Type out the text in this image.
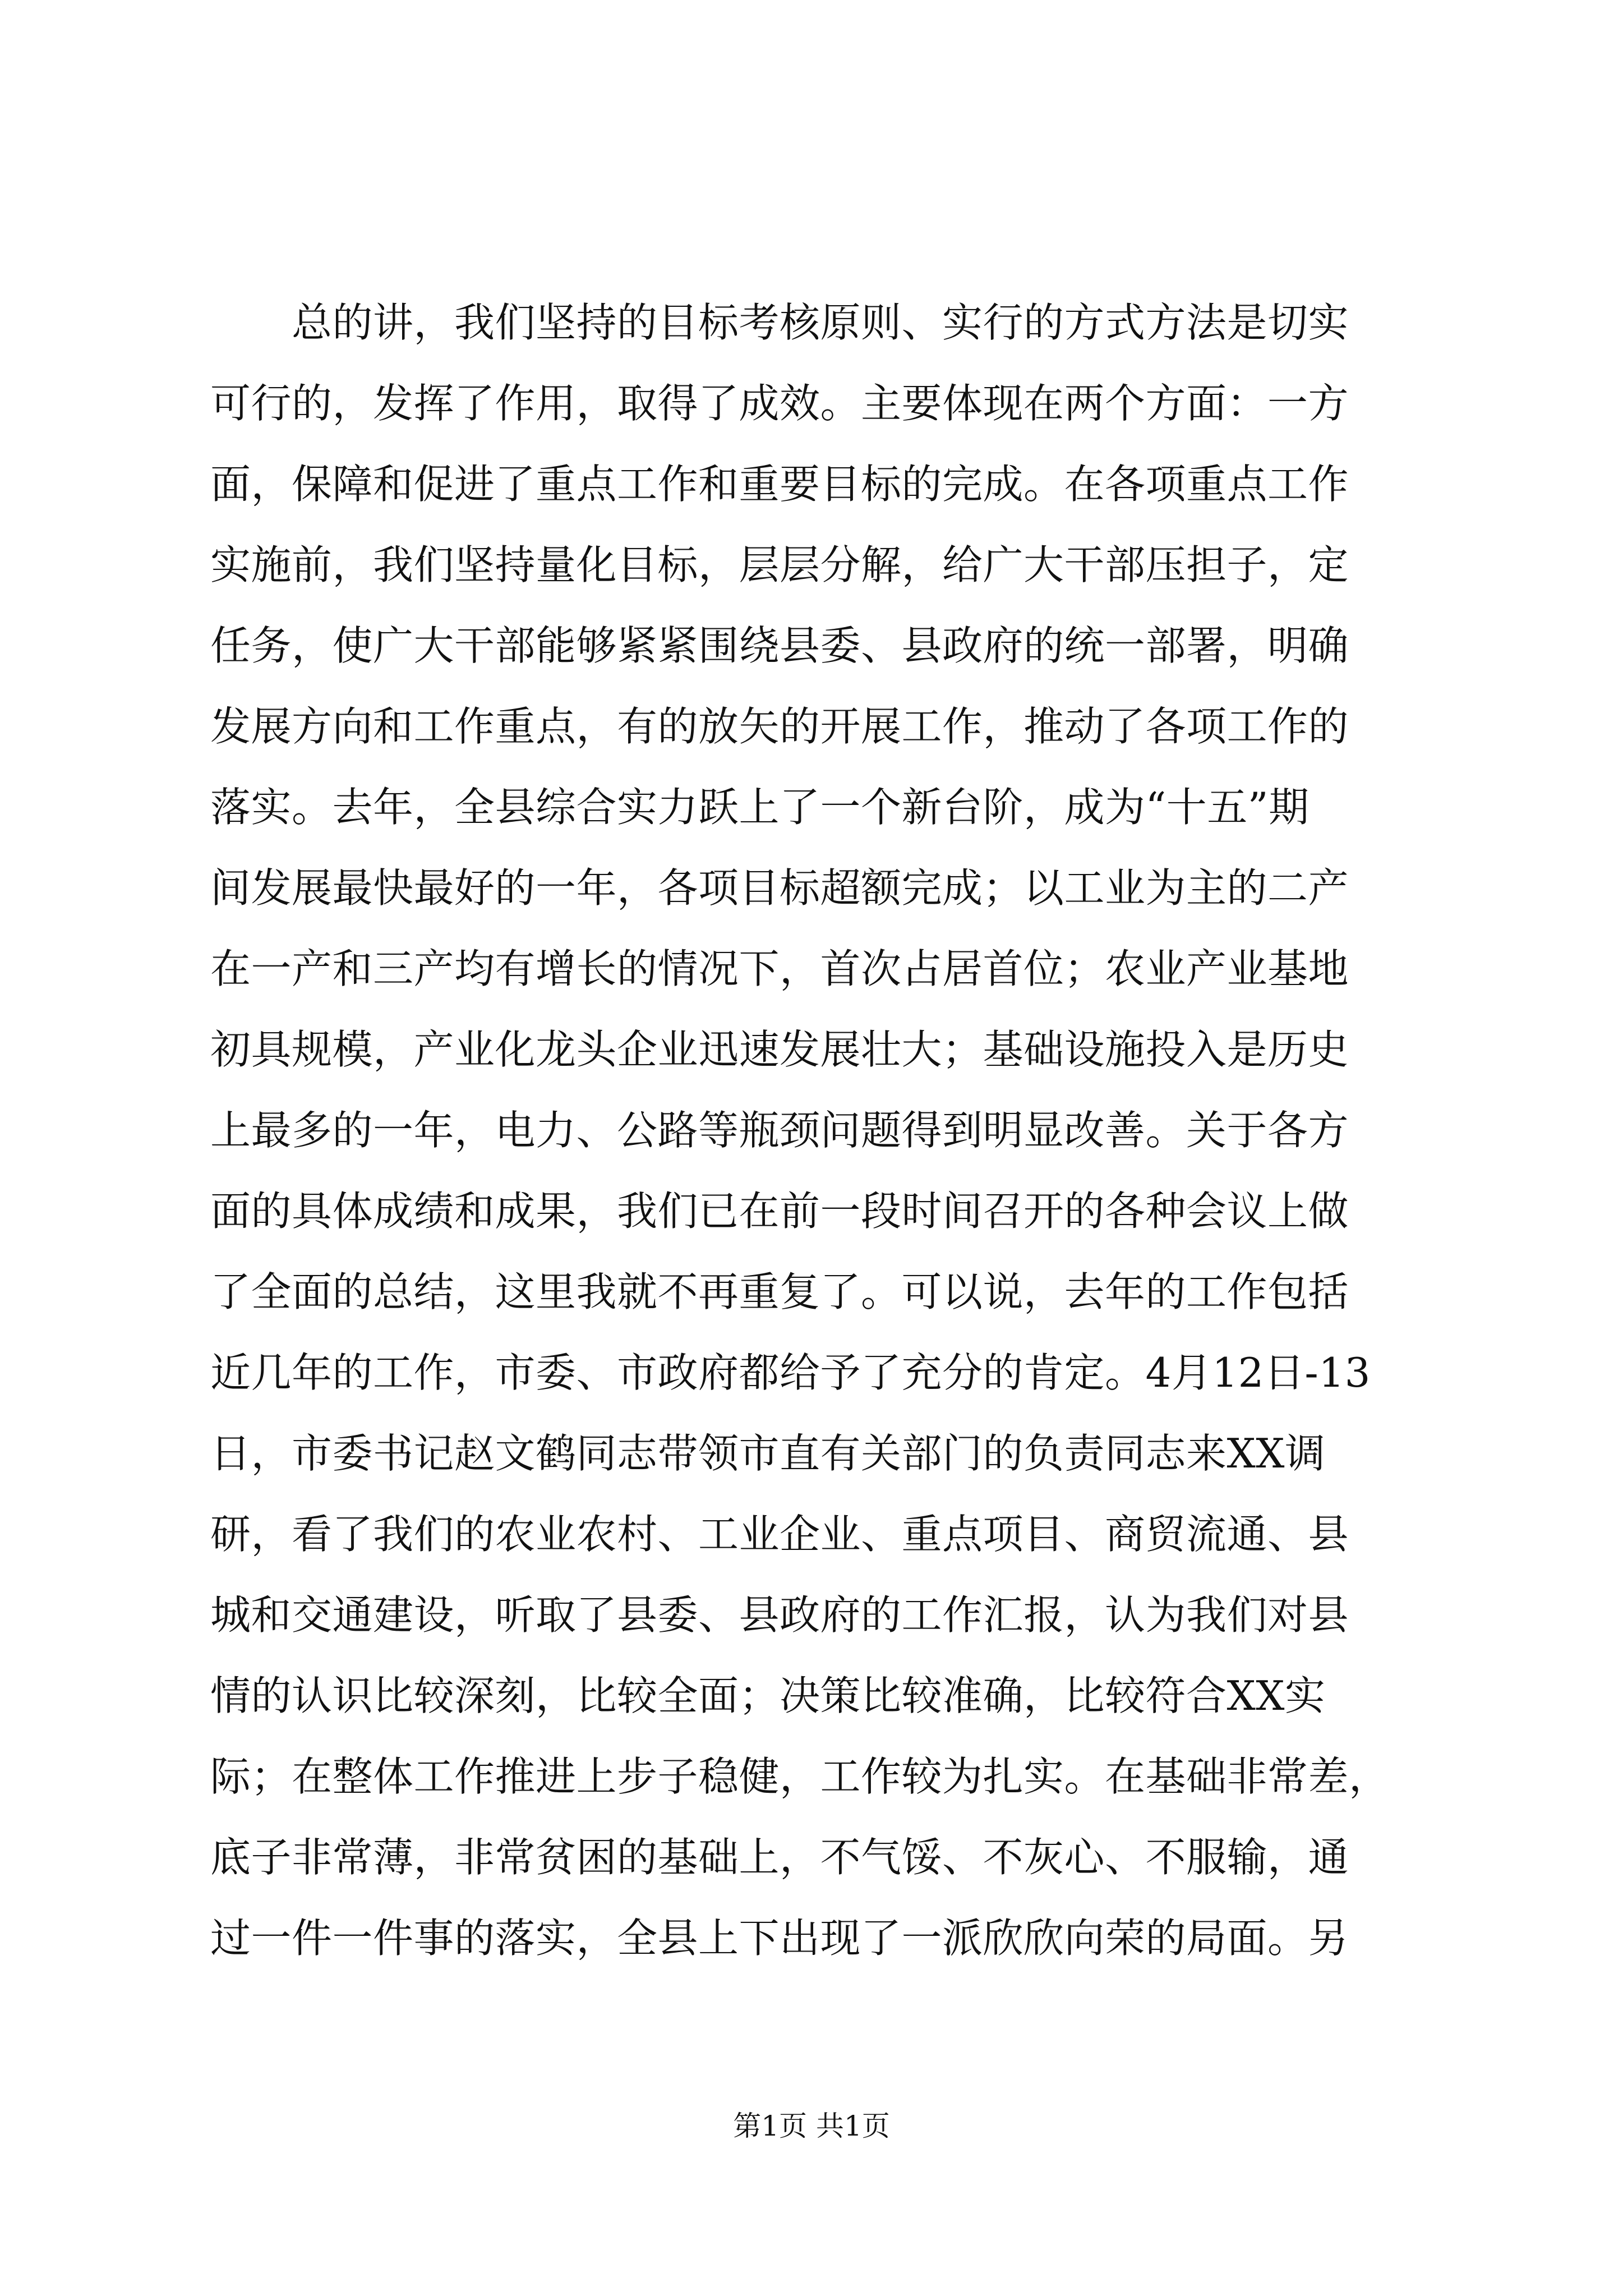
　　总的讲，我们坚持的目标考核原则、实行的方式方法是切实
可行的，发挥了作用，取得了成效。主要体现在两个方面：一方
面，保障和促进了重点工作和重要目标的完成。在各项重点工作
实施前，我们坚持量化目标，层层分解，给广大干部压担子，定
任务，使广大干部能够紧紧围绕县委、县政府的统一部署，明确
发展方向和工作重点，有的放矢的开展工作，推动了各项工作的
落实。去年，全县综合实力跃上了一个新台阶，成为“十五”期
间发展最快最好的一年，各项目标超额完成；以工业为主的二产
在一产和三产均有增长的情况下，首次占居首位；农业产业基地
初具规模，产业化龙头企业迅速发展壮大；基础设施投入是历史
上最多的一年，电力、公路等瓶颈问题得到明显改善。关于各方
面的具体成绩和成果，我们已在前一段时间召开的各种会议上做
了全面的总结，这里我就不再重复了。可以说，去年的工作包括
近几年的工作，市委、市政府都给予了充分的肯定。4月12日-13
日，市委书记赵文鹤同志带领市直有关部门的负责同志来XX调
研，看了我们的农业农村、工业企业、重点项目、商贸流通、县
城和交通建设，听取了县委、县政府的工作汇报，认为我们对县
情的认识比较深刻，比较全面；决策比较准确，比较符合XX实
际；在整体工作推进上步子稳健，工作较为扎实。在基础非常差，
底子非常薄，非常贫困的基础上，不气馁、不灰心、不服输，通
过一件一件事的落实，全县上下出现了一派欣欣向荣的局面。另
第1页 共1页
